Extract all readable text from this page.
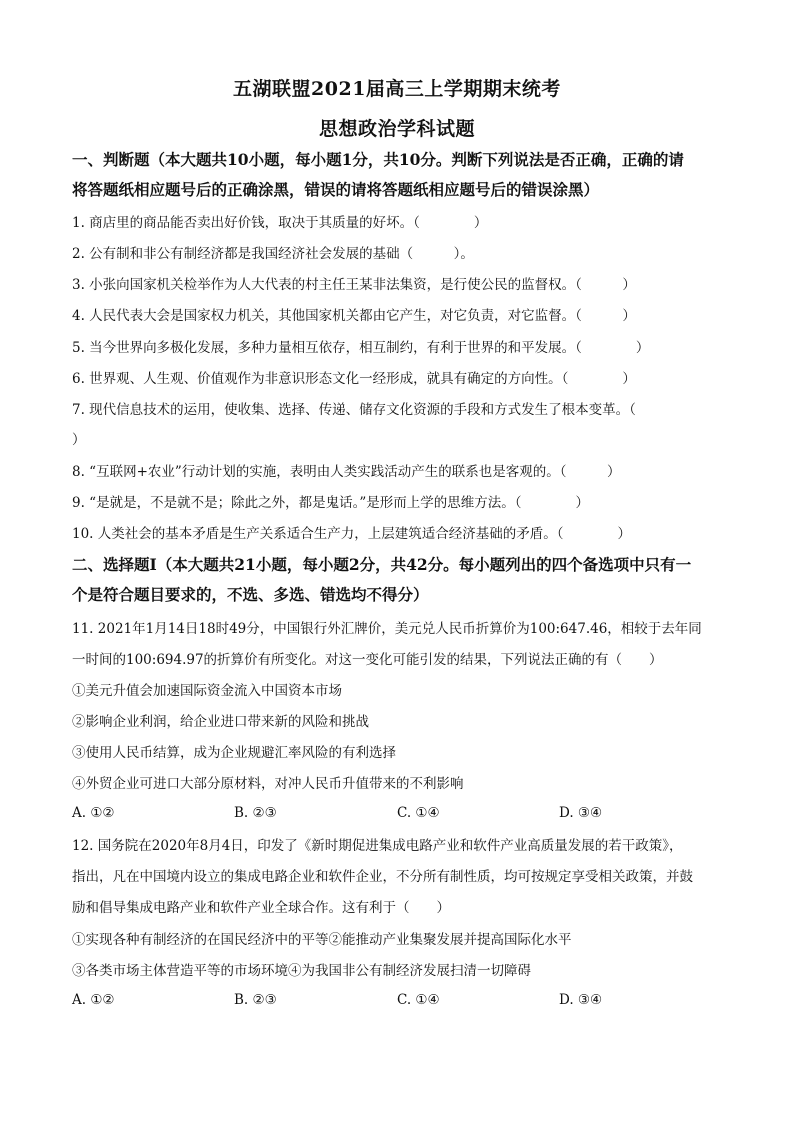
五湖联盟2021届高三上学期期末统考
思想政治学科试题
一、判断题（本大题共10小题，每小题1分，共10分。判断下列说法是否正确，正确的请
将答题纸相应题号后的正确涂黑，错误的请将答题纸相应题号后的错误涂黑）
1. 商店里的商品能否卖出好价钱，取决于其质量的好坏。（　　　　）
2. 公有制和非公有制经济都是我国经济社会发展的基础（　　　）。
3. 小张向国家机关检举作为人大代表的村主任王某非法集资，是行使公民的监督权。（　　　）
4. 人民代表大会是国家权力机关，其他国家机关都由它产生，对它负责，对它监督。（　　　）
5. 当今世界向多极化发展，多种力量相互依存，相互制约，有利于世界的和平发展。（　　　　）
6. 世界观、人生观、价值观作为非意识形态文化一经形成，就具有确定的方向性。（　　　　）
7. 现代信息技术的运用，使收集、选择、传递、储存文化资源的手段和方式发生了根本变革。（
）
8. “互联网+农业”行动计划的实施，表明由人类实践活动产生的联系也是客观的。（　　　）
9. “是就是，不是就不是；除此之外，都是鬼话。”是形而上学的思维方法。（　　　　）
10. 人类社会的基本矛盾是生产关系适合生产力，上层建筑适合经济基础的矛盾。（　　　　）
二、选择题Ⅰ（本大题共21小题，每小题2分，共42分。每小题列出的四个备选项中只有一
个是符合题目要求的，不选、多选、错选均不得分）
11. 2021年1月14日18时49分，中国银行外汇牌价，美元兑人民币折算价为100:647.46，相较于去年同
一时间的100:694.97的折算价有所变化。对这一变化可能引发的结果，下列说法正确的有（　　）
①美元升值会加速国际资金流入中国资本市场
②影响企业利润，给企业进口带来新的风险和挑战
③使用人民币结算，成为企业规避汇率风险的有利选择
④外贸企业可进口大部分原材料，对冲人民币升值带来的不利影响
A. ①②	B. ②③	C. ①④	D. ③④
12. 国务院在2020年8月4日，印发了《新时期促进集成电路产业和软件产业高质量发展的若干政策》，
指出，凡在中国境内设立的集成电路企业和软件企业，不分所有制性质，均可按规定享受相关政策，并鼓
励和倡导集成电路产业和软件产业全球合作。这有利于（　　）
①实现各种有制经济的在国民经济中的平等②能推动产业集聚发展并提高国际化水平
③各类市场主体营造平等的市场环境④为我国非公有制经济发展扫清一切障碍
A. ①②	B. ②③	C. ①④	D. ③④
